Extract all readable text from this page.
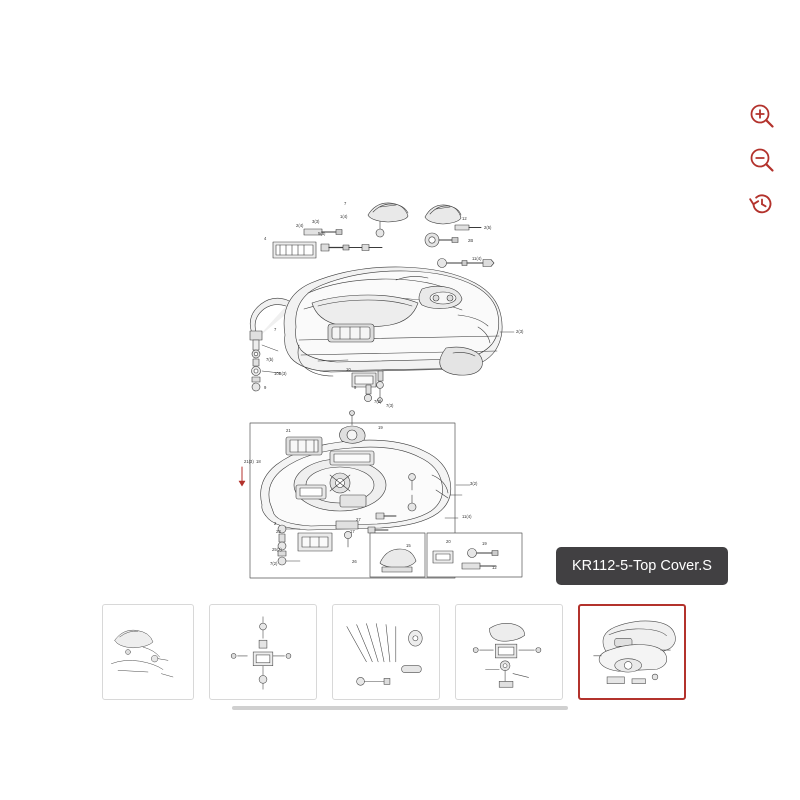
4
2(4)
3(3)
5(4)
1(4)
7
12
2(5)
2B
11(4)
2(3)
7
7(b)
10B(3)
9
10
9
7(2)
7(3)
19
21
21(3) 18
3(2)
11(4)
2
23
25(2)
7(2)
27
17
26
15
20	19
12	KR112-5-Top Cover.S
